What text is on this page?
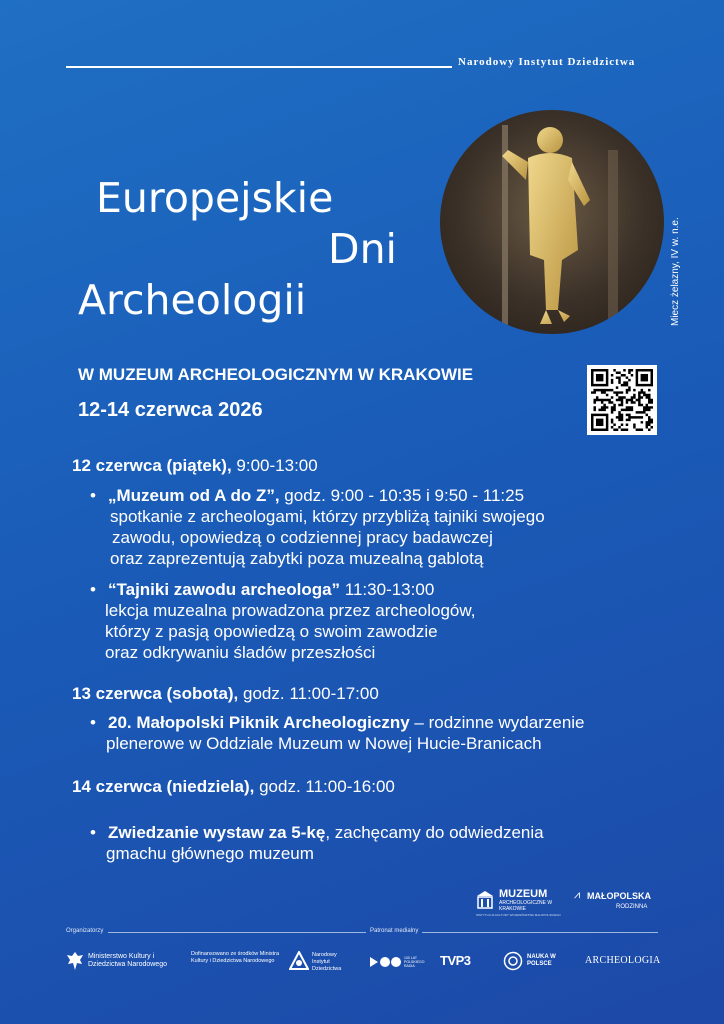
Narodowy Instytut Dziedzictwa
Europejskie
Dni
Archeologii	Miecz żelazny, IV w. n.e.
W MUZEUM ARCHEOLOGICZNYM W KRAKOWIE
12-14 czerwca 2026
12 czerwca (piątek), 9:00-13:00
• „Muzeum od A do Z”, godz. 9:00 - 10:35 i 9:50 - 11:25
spotkanie z archeologami, którzy przybliżą tajniki swojego
zawodu, opowiedzą o codziennej pracy badawczej
oraz zaprezentują zabytki poza muzealną gablotą
• “Tajniki zawodu archeologa” 11:30-13:00
lekcja muzealna prowadzona przez archeologów,
którzy z pasją opowiedzą o swoim zawodzie
oraz odkrywaniu śladów przeszłości
13 czerwca (sobota), godz. 11:00-17:00
• 20. Małopolski Piknik Archeologiczny – rodzinne wydarzenie
plenerowe w Oddziale Muzeum w Nowej Hucie-Branicach
14 czerwca (niedziela), godz. 11:00-16:00
• Zwiedzanie wystaw za 5-kę, zachęcamy do odwiedzenia
gmachu głównego muzeum
MUZEUM
ARCHEOLOGICZNE W KRAKOWIE
INSTYTUCJA KULTURY WOJEWÓDZTWA MAŁOPOLSKIEGO
⩘ MAŁOPOLSKA
RODZINNA
Organizatorzy	Patronat medialny
Ministerstwo Kultury i Dziedzictwa Narodowego
Dofinansowano ze środków Ministra Kultury i Dziedzictwa Narodowego
Narodowy Instytut Dziedzictwa
100 LAT POLSKIEGO RADIA	TVP3	NAUKA W POLSCE	ARCHEOLOGIA
